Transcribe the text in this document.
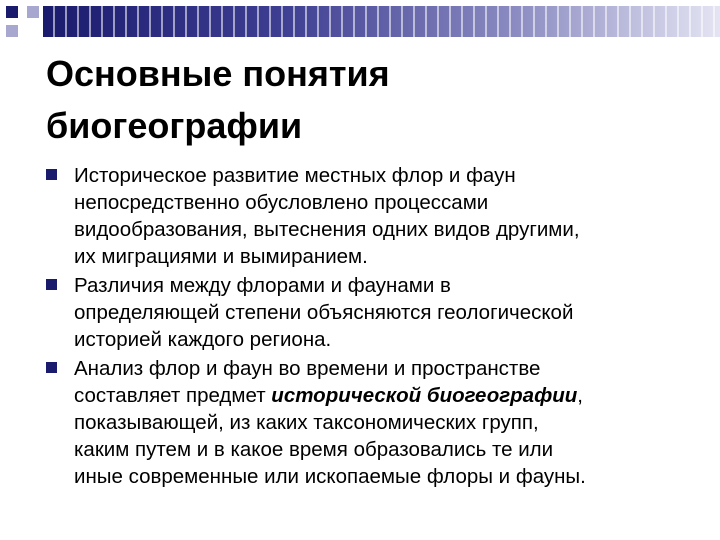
Основные понятия
биогеографии
Историческое развитие местных флор и фаун
непосредственно обусловлено процессами
видообразования, вытеснения одних видов другими,
их миграциями и вымиранием.
Различия между флорами и фаунами в
определяющей степени объясняются геологической
историей каждого региона.
Анализ флор и фаун во времени и пространстве
составляет предмет исторической биогеографии,
показывающей, из каких таксономических групп,
каким путем и в какое время образовались те или
иные современные или ископаемые флоры и фауны.
